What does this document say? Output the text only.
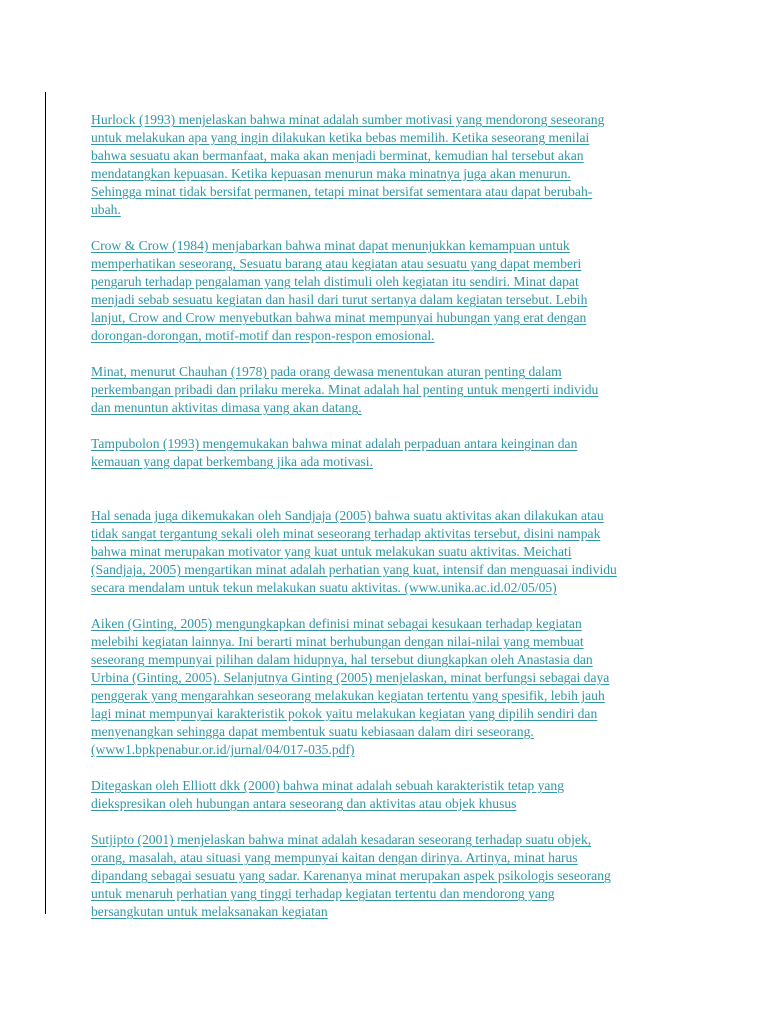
Hurlock (1993) menjelaskan bahwa minat adalah sumber motivasi yang mendorong seseorang
untuk melakukan apa yang ingin dilakukan ketika bebas memilih. Ketika seseorang menilai
bahwa sesuatu akan bermanfaat, maka akan menjadi berminat, kemudian hal tersebut akan
mendatangkan kepuasan. Ketika kepuasan menurun maka minatnya juga akan menurun.
Sehingga minat tidak bersifat permanen, tetapi minat bersifat sementara atau dapat berubah-
ubah.

Crow & Crow (1984) menjabarkan bahwa minat dapat menunjukkan kemampuan untuk
memperhatikan seseorang, Sesuatu barang atau kegiatan atau sesuatu yang dapat memberi
pengaruh terhadap pengalaman yang telah distimuli oleh kegiatan itu sendiri. Minat dapat
menjadi sebab sesuatu kegiatan dan hasil dari turut sertanya dalam kegiatan tersebut. Lebih
lanjut, Crow and Crow menyebutkan bahwa minat mempunyai hubungan yang erat dengan
dorongan-dorongan, motif-motif dan respon-respon emosional.

Minat, menurut Chauhan (1978) pada orang dewasa menentukan aturan penting dalam
perkembangan pribadi dan prilaku mereka. Minat adalah hal penting untuk mengerti individu
dan menuntun aktivitas dimasa yang akan datang.

Tampubolon (1993) mengemukakan bahwa minat adalah perpaduan antara keinginan dan
kemauan yang dapat berkembang jika ada motivasi.

Hal senada juga dikemukakan oleh Sandjaja (2005) bahwa suatu aktivitas akan dilakukan atau
tidak sangat tergantung sekali oleh minat seseorang terhadap aktivitas tersebut, disini nampak
bahwa minat merupakan motivator yang kuat untuk melakukan suatu aktivitas. Meichati
(Sandjaja, 2005) mengartikan minat adalah perhatian yang kuat, intensif dan menguasai individu
secara mendalam untuk tekun melakukan suatu aktivitas. (www.unika.ac.id.02/05/05)

Aiken (Ginting, 2005) mengungkapkan definisi minat sebagai kesukaan terhadap kegiatan
melebihi kegiatan lainnya. Ini berarti minat berhubungan dengan nilai-nilai yang membuat
seseorang mempunyai pilihan dalam hidupnya, hal tersebut diungkapkan oleh Anastasia dan
Urbina (Ginting, 2005). Selanjutnya Ginting (2005) menjelaskan, minat berfungsi sebagai daya
penggerak yang mengarahkan seseorang melakukan kegiatan tertentu yang spesifik, lebih jauh
lagi minat mempunyai karakteristik pokok yaitu melakukan kegiatan yang dipilih sendiri dan
menyenangkan sehingga dapat membentuk suatu kebiasaan dalam diri seseorang.
(www1.bpkpenabur.or.id/jurnal/04/017-035.pdf)

Ditegaskan oleh Elliott dkk (2000) bahwa minat adalah sebuah karakteristik tetap yang
diekspresikan oleh hubungan antara seseorang dan aktivitas atau objek khusus

Sutjipto (2001) menjelaskan bahwa minat adalah kesadaran seseorang terhadap suatu objek,
orang, masalah, atau situasi yang mempunyai kaitan dengan dirinya. Artinya, minat harus
dipandang sebagai sesuatu yang sadar. Karenanya minat merupakan aspek psikologis seseorang
untuk menaruh perhatian yang tinggi terhadap kegiatan tertentu dan mendorong yang
bersangkutan untuk melaksanakan kegiatan
